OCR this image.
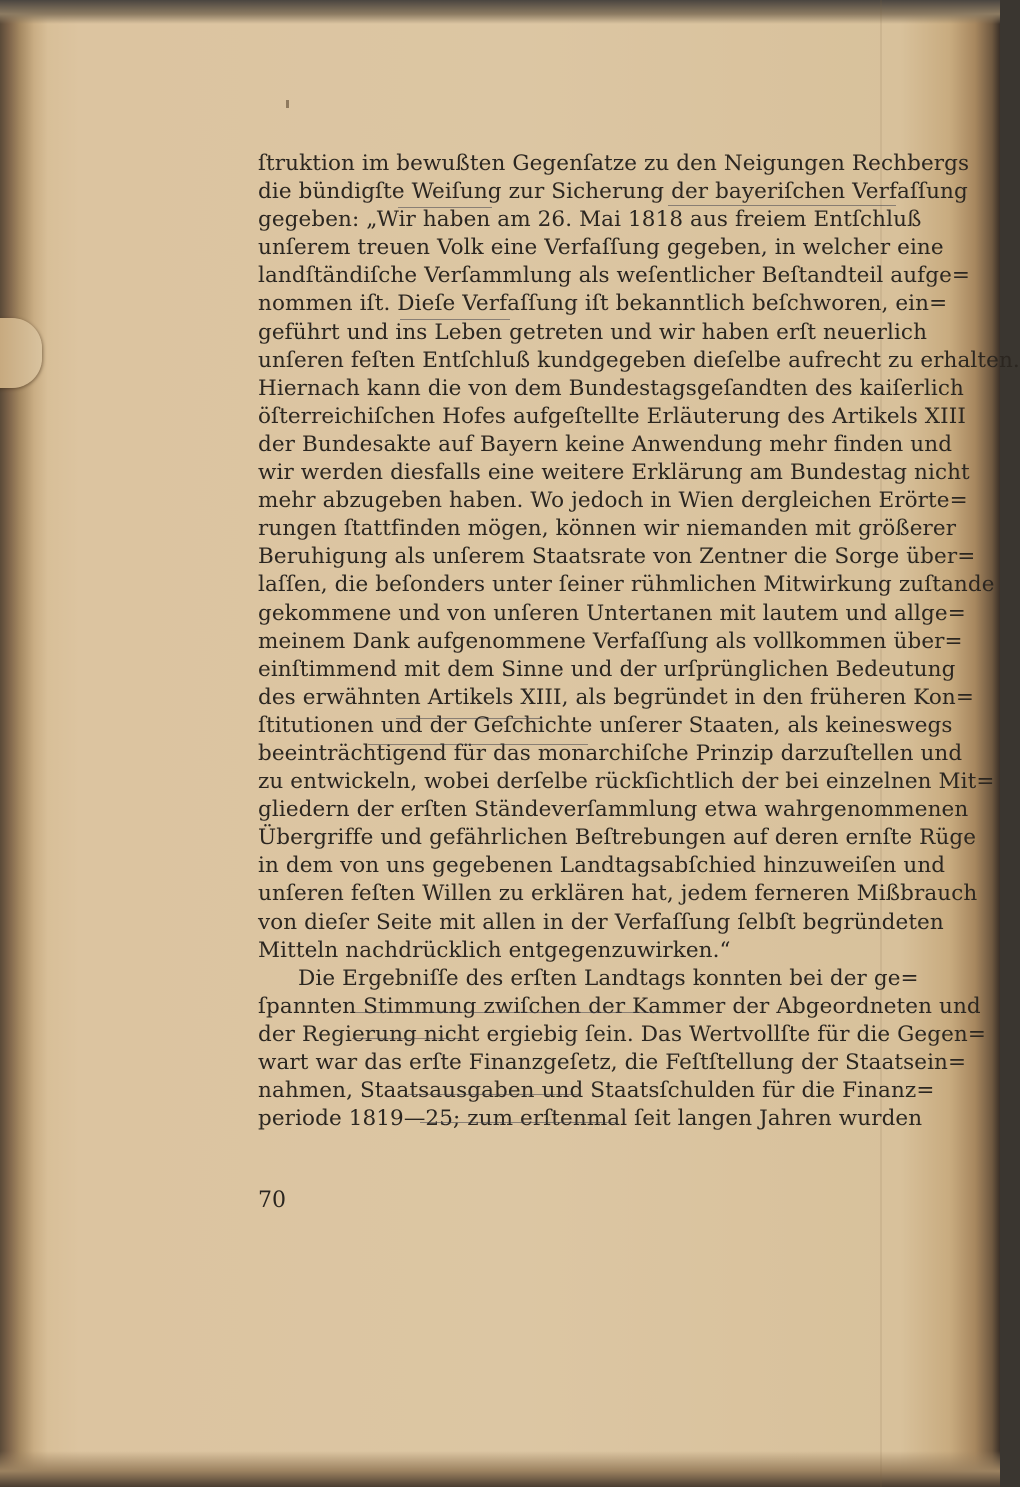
ſtruktion im bewußten Gegenſatze zu den Neigungen Rechbergs
die bündigſte Weiſung zur Sicherung der bayeriſchen Verfaſſung
gegeben: „Wir haben am 26. Mai 1818 aus freiem Entſchluß
unſerem treuen Volk eine Verfaſſung gegeben, in welcher eine
landſtändiſche Verſammlung als weſentlicher Beſtandteil aufge=
nommen iſt. Dieſe Verfaſſung iſt bekanntlich beſchworen, ein=
geführt und ins Leben getreten und wir haben erſt neuerlich
unſeren feſten Entſchluß kundgegeben dieſelbe aufrecht zu erhalten.
Hiernach kann die von dem Bundestagsgeſandten des kaiſerlich
öſterreichiſchen Hofes aufgeſtellte Erläuterung des Artikels XIII
der Bundesakte auf Bayern keine Anwendung mehr finden und
wir werden diesfalls eine weitere Erklärung am Bundestag nicht
mehr abzugeben haben. Wo jedoch in Wien dergleichen Erörte=
rungen ſtattfinden mögen, können wir niemanden mit größerer
Beruhigung als unſerem Staatsrate von Zentner die Sorge über=
laſſen, die beſonders unter ſeiner rühmlichen Mitwirkung zuſtande
gekommene und von unſeren Untertanen mit lautem und allge=
meinem Dank aufgenommene Verfaſſung als vollkommen über=
einſtimmend mit dem Sinne und der urſprünglichen Bedeutung
des erwähnten Artikels XIII, als begründet in den früheren Kon=
ſtitutionen und der Geſchichte unſerer Staaten, als keineswegs
beeinträchtigend für das monarchiſche Prinzip darzuſtellen und
zu entwickeln, wobei derſelbe rückſichtlich der bei einzelnen Mit=
gliedern der erſten Ständeverſammlung etwa wahrgenommenen
Übergriffe und gefährlichen Beſtrebungen auf deren ernſte Rüge
in dem von uns gegebenen Landtagsabſchied hinzuweiſen und
unſeren feſten Willen zu erklären hat, jedem ferneren Mißbrauch
von dieſer Seite mit allen in der Verfaſſung ſelbſt begründeten
Mitteln nachdrücklich entgegenzuwirken.“
Die Ergebniſſe des erſten Landtags konnten bei der ge=
ſpannten Stimmung zwiſchen der Kammer der Abgeordneten und
der Regierung nicht ergiebig ſein. Das Wertvollſte für die Gegen=
wart war das erſte Finanzgeſetz, die Feſtſtellung der Staatsein=
nahmen, Staatsausgaben und Staatsſchulden für die Finanz=
periode 1819—25; zum erſtenmal ſeit langen Jahren wurden
70
